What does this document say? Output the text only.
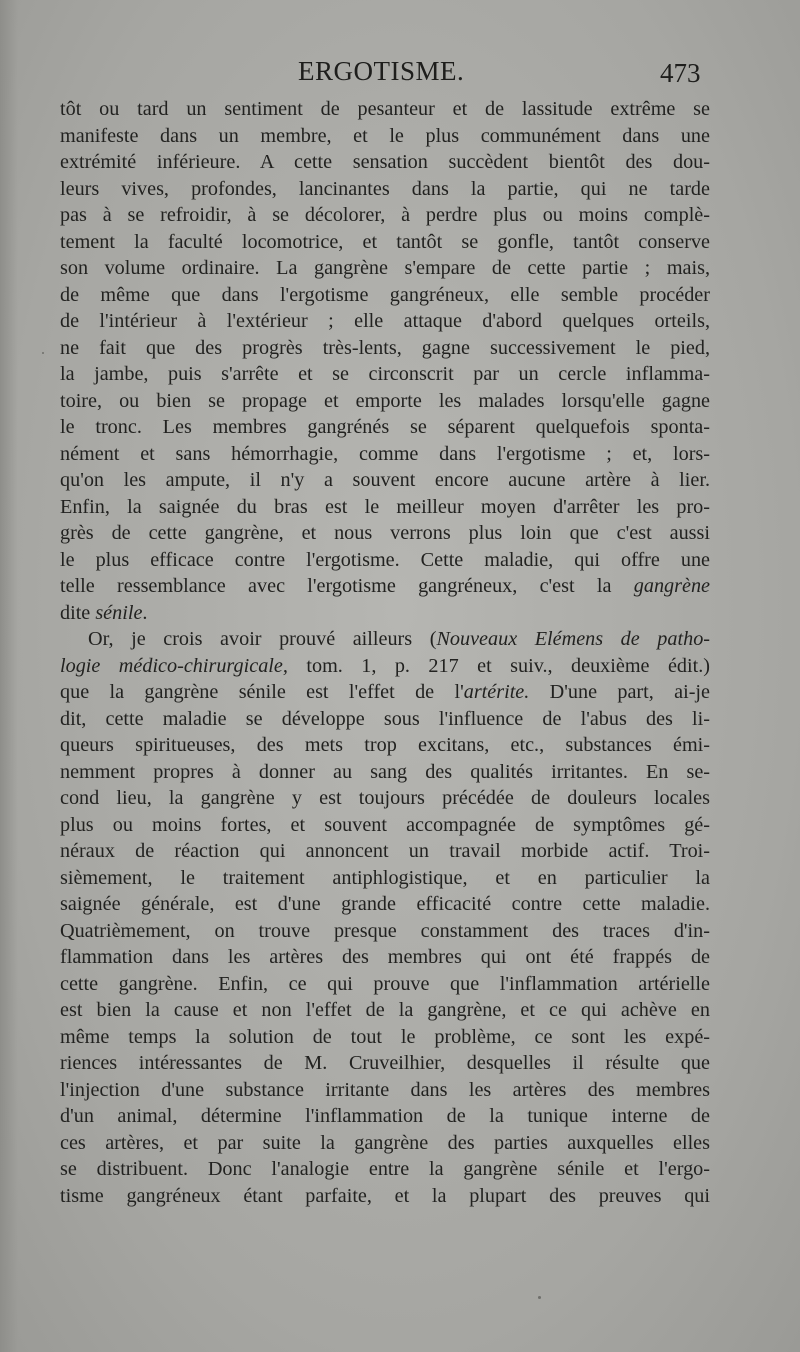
ERGOTISME.	473
tôt ou tard un sentiment de pesanteur et de lassitude extrême se
manifeste dans un membre, et le plus communément dans une
extrémité inférieure. A cette sensation succèdent bientôt des dou-
leurs vives, profondes, lancinantes dans la partie, qui ne tarde
pas à se refroidir, à se décolorer, à perdre plus ou moins complè-
tement la faculté locomotrice, et tantôt se gonfle, tantôt conserve
son volume ordinaire. La gangrène s'empare de cette partie ; mais,
de même que dans l'ergotisme gangréneux, elle semble procéder
de l'intérieur à l'extérieur ; elle attaque d'abord quelques orteils,
ne fait que des progrès très-lents, gagne successivement le pied,
la jambe, puis s'arrête et se circonscrit par un cercle inflamma-
toire, ou bien se propage et emporte les malades lorsqu'elle gagne
le tronc. Les membres gangrénés se séparent quelquefois sponta-
nément et sans hémorrhagie, comme dans l'ergotisme ; et, lors-
qu'on les ampute, il n'y a souvent encore aucune artère à lier.
Enfin, la saignée du bras est le meilleur moyen d'arrêter les pro-
grès de cette gangrène, et nous verrons plus loin que c'est aussi
le plus efficace contre l'ergotisme. Cette maladie, qui offre une
telle ressemblance avec l'ergotisme gangréneux, c'est la gangrène
dite sénile.
Or, je crois avoir prouvé ailleurs (Nouveaux Elémens de patho-
logie médico-chirurgicale, tom. 1, p. 217 et suiv., deuxième édit.)
que la gangrène sénile est l'effet de l'artérite. D'une part, ai-je
dit, cette maladie se développe sous l'influence de l'abus des li-
queurs spiritueuses, des mets trop excitans, etc., substances émi-
nemment propres à donner au sang des qualités irritantes. En se-
cond lieu, la gangrène y est toujours précédée de douleurs locales
plus ou moins fortes, et souvent accompagnée de symptômes gé-
néraux de réaction qui annoncent un travail morbide actif. Troi-
sièmement, le traitement antiphlogistique, et en particulier la
saignée générale, est d'une grande efficacité contre cette maladie.
Quatrièmement, on trouve presque constamment des traces d'in-
flammation dans les artères des membres qui ont été frappés de
cette gangrène. Enfin, ce qui prouve que l'inflammation artérielle
est bien la cause et non l'effet de la gangrène, et ce qui achève en
même temps la solution de tout le problème, ce sont les expé-
riences intéressantes de M. Cruveilhier, desquelles il résulte que
l'injection d'une substance irritante dans les artères des membres
d'un animal, détermine l'inflammation de la tunique interne de
ces artères, et par suite la gangrène des parties auxquelles elles
se distribuent. Donc l'analogie entre la gangrène sénile et l'ergo-
tisme gangréneux étant parfaite, et la plupart des preuves qui
